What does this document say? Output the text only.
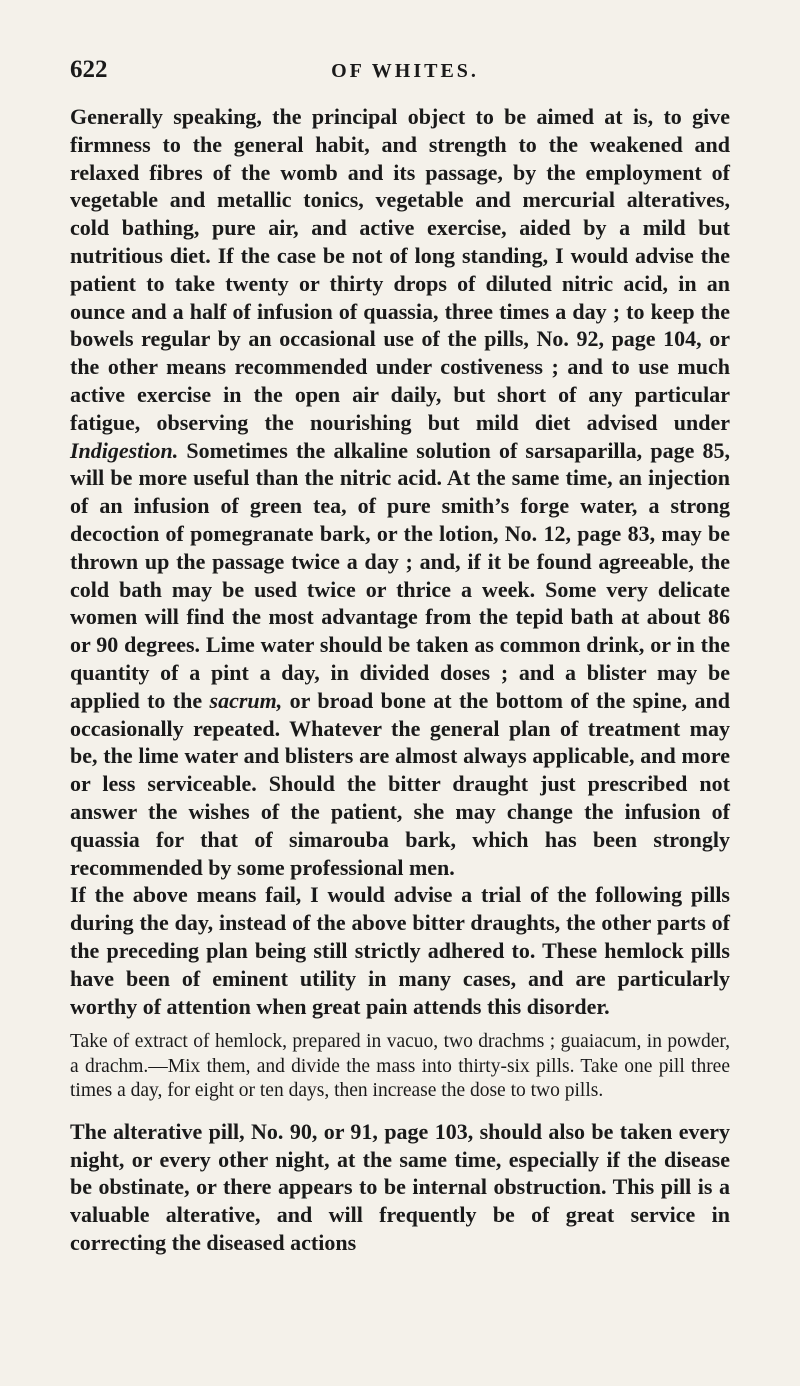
622	OF WHITES.

Generally speaking, the principal object to be aimed at is, to give firmness to the general habit, and strength to the weakened and relaxed fibres of the womb and its passage, by the employment of vegetable and metallic tonics, vegetable and mercurial alteratives, cold bathing, pure air, and active exercise, aided by a mild but nutritious diet. If the case be not of long standing, I would advise the patient to take twenty or thirty drops of diluted nitric acid, in an ounce and a half of infusion of quassia, three times a day ; to keep the bowels regular by an occasional use of the pills, No. 92, page 104, or the other means recommended under costiveness ; and to use much active exercise in the open air daily, but short of any particular fatigue, observing the nourishing but mild diet advised under Indigestion. Sometimes the alkaline solution of sarsaparilla, page 85, will be more useful than the nitric acid. At the same time, an injection of an infusion of green tea, of pure smith’s forge water, a strong decoction of pomegranate bark, or the lotion, No. 12, page 83, may be thrown up the passage twice a day ; and, if it be found agreeable, the cold bath may be used twice or thrice a week. Some very delicate women will find the most advantage from the tepid bath at about 86 or 90 degrees. Lime water should be taken as common drink, or in the quantity of a pint a day, in divided doses ; and a blister may be applied to the sacrum, or broad bone at the bottom of the spine, and occasionally repeated. Whatever the general plan of treatment may be, the lime water and blisters are almost always applicable, and more or less serviceable. Should the bitter draught just prescribed not answer the wishes of the patient, she may change the infusion of quassia for that of simarouba bark, which has been strongly recommended by some professional men.

If the above means fail, I would advise a trial of the following pills during the day, instead of the above bitter draughts, the other parts of the preceding plan being still strictly adhered to. These hemlock pills have been of eminent utility in many cases, and are particularly worthy of attention when great pain attends this disorder.

Take of extract of hemlock, prepared in vacuo, two drachms ; guaiacum, in powder, a drachm.—Mix them, and divide the mass into thirty-six pills. Take one pill three times a day, for eight or ten days, then increase the dose to two pills.

The alterative pill, No. 90, or 91, page 103, should also be taken every night, or every other night, at the same time, especially if the disease be obstinate, or there appears to be internal obstruction. This pill is a valuable alterative, and will frequently be of great service in correcting the diseased actions
